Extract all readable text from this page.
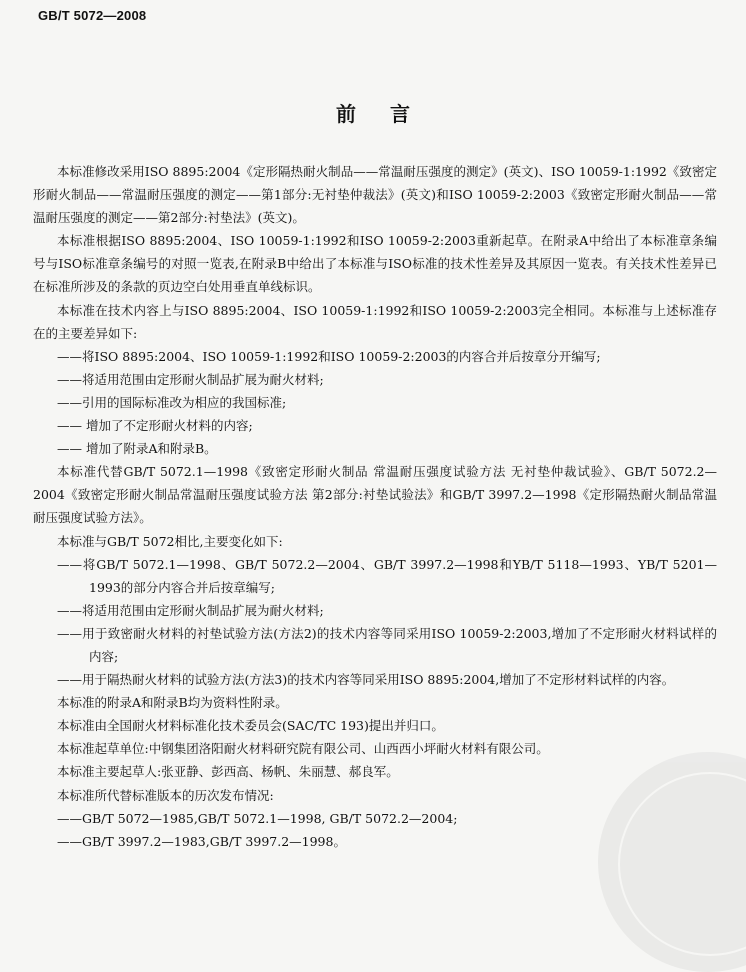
GB/T 5072—2008
前言

本标准修改采用ISO 8895:2004《定形隔热耐火制品——常温耐压强度的测定》(英文)、ISO 10059-1:1992《致密定形耐火制品——常温耐压强度的测定——第1部分:无衬垫仲裁法》(英文)和ISO 10059-2:2003《致密定形耐火制品——常温耐压强度的测定——第2部分:衬垫法》(英文)。

本标准根据ISO 8895:2004、ISO 10059-1:1992和ISO 10059-2:2003重新起草。在附录A中给出了本标准章条编号与ISO标准章条编号的对照一览表,在附录B中给出了本标准与ISO标准的技术性差异及其原因一览表。有关技术性差异已在标准所涉及的条款的页边空白处用垂直单线标识。

本标准在技术内容上与ISO 8895:2004、ISO 10059-1:1992和ISO 10059-2:2003完全相同。本标准与上述标准存在的主要差异如下:

——将ISO 8895:2004、ISO 10059-1:1992和ISO 10059-2:2003的内容合并后按章分开编写;

——将适用范围由定形耐火制品扩展为耐火材料;

——引用的国际标准改为相应的我国标准;

—— 增加了不定形耐火材料的内容;

—— 增加了附录A和附录B。

本标准代替GB/T 5072.1—1998《致密定形耐火制品 常温耐压强度试验方法 无衬垫仲裁试验》、GB/T 5072.2—2004《致密定形耐火制品常温耐压强度试验方法 第2部分:衬垫试验法》和GB/T 3997.2—1998《定形隔热耐火制品常温耐压强度试验方法》。

本标准与GB/T 5072相比,主要变化如下:

——将GB/T 5072.1—1998、GB/T 5072.2—2004、GB/T 3997.2—1998和YB/T 5118—1993、YB/T 5201—1993的部分内容合并后按章编写;

——将适用范围由定形耐火制品扩展为耐火材料;

——用于致密耐火材料的衬垫试验方法(方法2)的技术内容等同采用ISO 10059-2:2003,增加了不定形耐火材料试样的内容;

——用于隔热耐火材料的试验方法(方法3)的技术内容等同采用ISO 8895:2004,增加了不定形材料试样的内容。

本标准的附录A和附录B均为资料性附录。

本标准由全国耐火材料标准化技术委员会(SAC/TC 193)提出并归口。

本标准起草单位:中钢集团洛阳耐火材料研究院有限公司、山西西小坪耐火材料有限公司。

本标准主要起草人:张亚静、彭西高、杨帆、朱丽慧、郝良军。

本标准所代替标准版本的历次发布情况:

——GB/T 5072—1985,GB/T 5072.1—1998, GB/T 5072.2—2004;

——GB/T 3997.2—1983,GB/T 3997.2—1998。
